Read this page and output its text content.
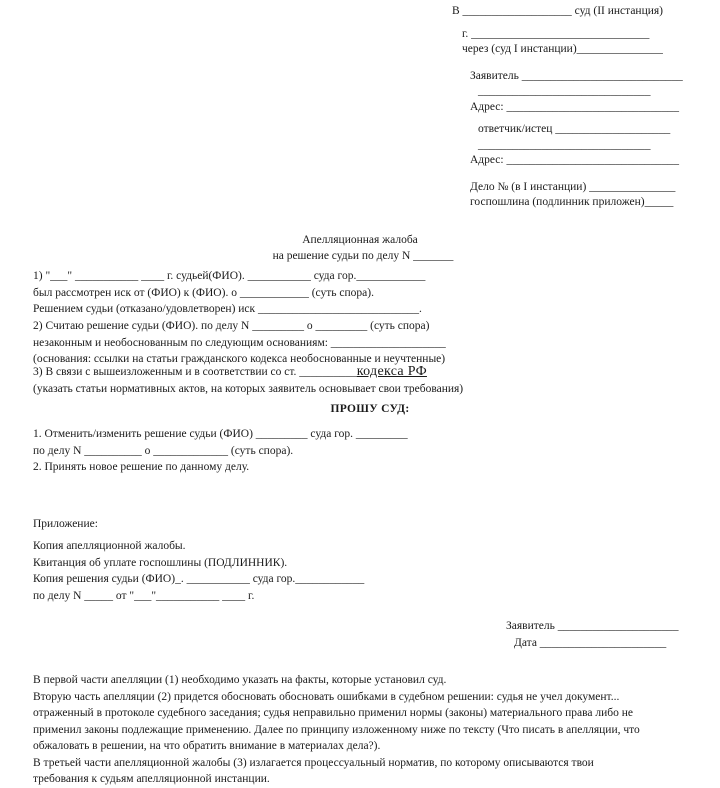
В ___________________ суд (II инстанция)
г. _______________________________
через (суд I инстанции)_______________
Заявитель ____________________________
______________________________
Адрес: ______________________________
ответчик/истец ____________________
______________________________
Адрес: ______________________________
Дело № (в I инстанции) _______________
госпошлина (подлинник приложен)_____
Апелляционная жалоба
на решение судьи по делу N _______

1) "___" ___________ ____ г. судьей(ФИО). ___________ суда гор.____________

был рассмотрен иск от (ФИО) к (ФИО). о ____________ (суть спора).

Решением судьи (отказано/удовлетворен) иск ____________________________.

2) Считаю решение судьи (ФИО). по делу N _________ о _________ (суть спора)

незаконным и необоснованным по следующим основаниям: ____________________

(основания: ссылки на статьи гражданского кодекса необоснованные и неучтенные)

3) В связи с вышеизложенным и в соответствии со ст. __________кодекса РФ

(указать статьи нормативных актов, на которых заявитель основывает свои требования)

ПРОШУ СУД:

1. Отменить/изменить решение судьи (ФИО) _________ суда гор. _________

по делу N __________ о _____________ (суть спора).

2. Принять новое решение по данному делу.

Приложение:

Копия апелляционной жалобы.

Квитанция об уплате госпошлины (ПОДЛИННИК).

Копия решения судьи (ФИО)_. ___________ суда гор.____________

по делу N _____ от "___"___________ ____ г.

Заявитель _____________________
Дата ______________________

В первой части апелляции (1) необходимо указать на факты, которые установил суд.

Вторую часть апелляции (2) придется обосновать обосновать ошибками в судебном решении: судья не учел документ...

отраженный в протоколе судебного заседания; судья неправильно применил нормы (законы) материального права либо не

применил законы подлежащие применению. Далее по принципу изложенному ниже по тексту (Что писать в апелляции, что

обжаловать в решении, на что обратить внимание в материалах дела?).

В третьей части апелляционной жалобы (3) излагается процессуальный норматив, по которому описываются твои

требования к судьям апелляционной инстанции.
